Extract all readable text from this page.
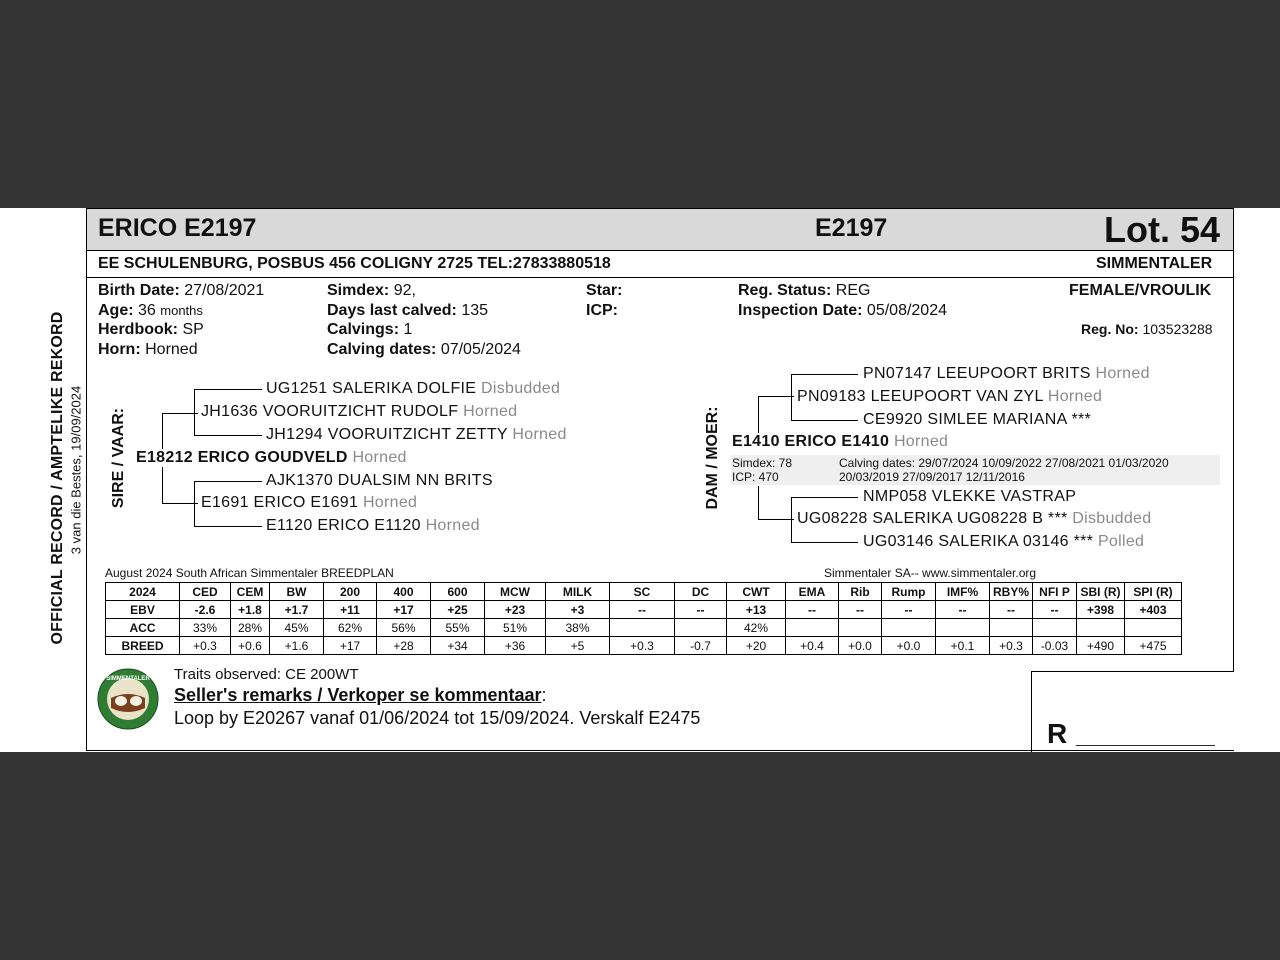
OFFICIAL RECORD / AMPTELIKE REKORD 3 van die Bestes, 19/09/2024
ERICO E2197	E2197	Lot. 54
EE SCHULENBURG, POSBUS 456 COLIGNY 2725 TEL:27833880518	SIMMENTALER
Birth Date: 27/08/2021
Age: 36 months
Herdbook: SP
Horn: Horned
Simdex: 92,
Days last calved: 135
Calvings: 1
Calving dates: 07/05/2024
Star:
ICP:
Reg. Status: REG
Inspection Date: 05/08/2024
FEMALE/VROULIK
Reg. No: 103523288
SIRE / VAAR:
UG1251 SALERIKA DOLFIE Disbudded
JH1636 VOORUITZICHT RUDOLF Horned
JH1294 VOORUITZICHT ZETTY Horned
E18212 ERICO GOUDVELD Horned
AJK1370 DUALSIM NN BRITS
E1691 ERICO E1691 Horned
E1120 ERICO E1120 Horned
DAM / MOER:
PN07147 LEEUPOORT BRITS Horned
PN09183 LEEUPOORT VAN ZYL Horned
CE9920 SIMLEE MARIANA ***
E1410 ERICO E1410 Horned
Simdex: 78
ICP: 470
Calving dates: 29/07/2024 10/09/2022 27/08/2021 01/03/2020
20/03/2019 27/09/2017 12/11/2016
NMP058 VLEKKE VASTRAP
UG08228 SALERIKA UG08228 B *** Disbudded
UG03146 SALERIKA 03146 *** Polled
August 2024 South African Simmentaler BREEDPLAN	Simmentaler SA-- www.simmentaler.org
2024	CED	CEM	BW	200	400	600	MCW	MILK	SC	DC	CWT	EMA	Rib	Rump	IMF%	RBY%	NFI P	SBI (R)	SPI (R)
EBV	-2.6	+1.8	+1.7	+11	+17	+25	+23	+3	--	--	+13	--	--	--	--	--	--	+398	+403
ACC	33%	28%	45%	62%	56%	55%	51%	38%			42%								
BREED	+0.3	+0.6	+1.6	+17	+28	+34	+36	+5	+0.3	-0.7	+20	+0.4	+0.0	+0.0	+0.1	+0.3	-0.03	+490	+475
SIMMENTALER Traits observed: CE 200WT
Seller's remarks / Verkoper se kommentaar:
Loop by E20267 vanaf 01/06/2024 tot 15/09/2024. Verskalf E2475	R ___________________
